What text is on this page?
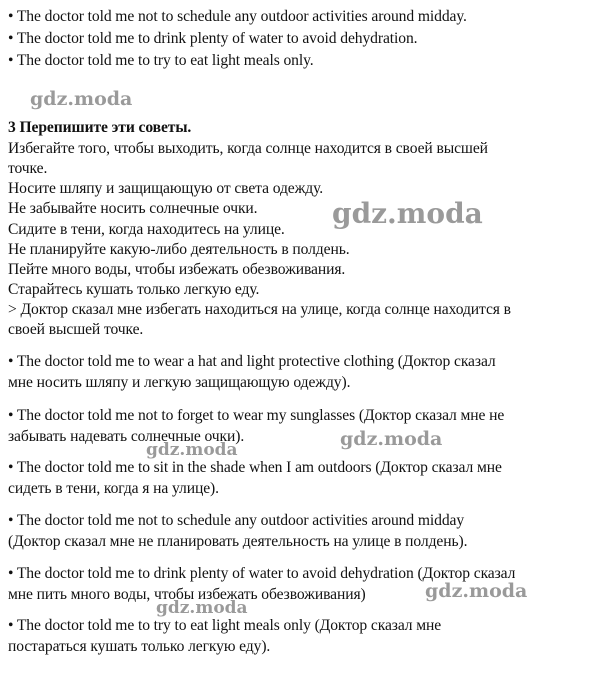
• The doctor told me not to schedule any outdoor activities around midday.
• The doctor told me to drink plenty of water to avoid dehydration.
• The doctor told me to try to eat light meals only.
gdz.moda
3 Перепишите эти советы.
Избегайте того, чтобы выходить, когда солнце находится в своей высшей
точке.
Носите шляпу и защищающую от света одежду.
Не забывайте носить солнечные очки.
Сидите в тени, когда находитесь на улице.
Не планируйте какую-либо деятельность в полдень.
Пейте много воды, чтобы избежать обезвоживания.
Старайтесь кушать только легкую еду.
> Доктор сказал мне избегать находиться на улице, когда солнце находится в
своей высшей точке.
gdz.moda
• The doctor told me to wear a hat and light protective clothing (Доктор сказал
мне носить шляпу и легкую защищающую одежду).
• The doctor told me not to forget to wear my sunglasses (Доктор сказал мне не
забывать надевать солнечные очки).	gdz.moda
gdz.moda
• The doctor told me to sit in the shade when I am outdoors (Доктор сказал мне
сидеть в тени, когда я на улице).
• The doctor told me not to schedule any outdoor activities around midday
(Доктор сказал мне не планировать деятельность на улице в полдень).
• The doctor told me to drink plenty of water to avoid dehydration (Доктор сказал
мне пить много воды, чтобы избежать обезвоживания)	gdz.moda
gdz.moda
• The doctor told me to try to eat light meals only (Доктор сказал мне
постараться кушать только легкую еду).
